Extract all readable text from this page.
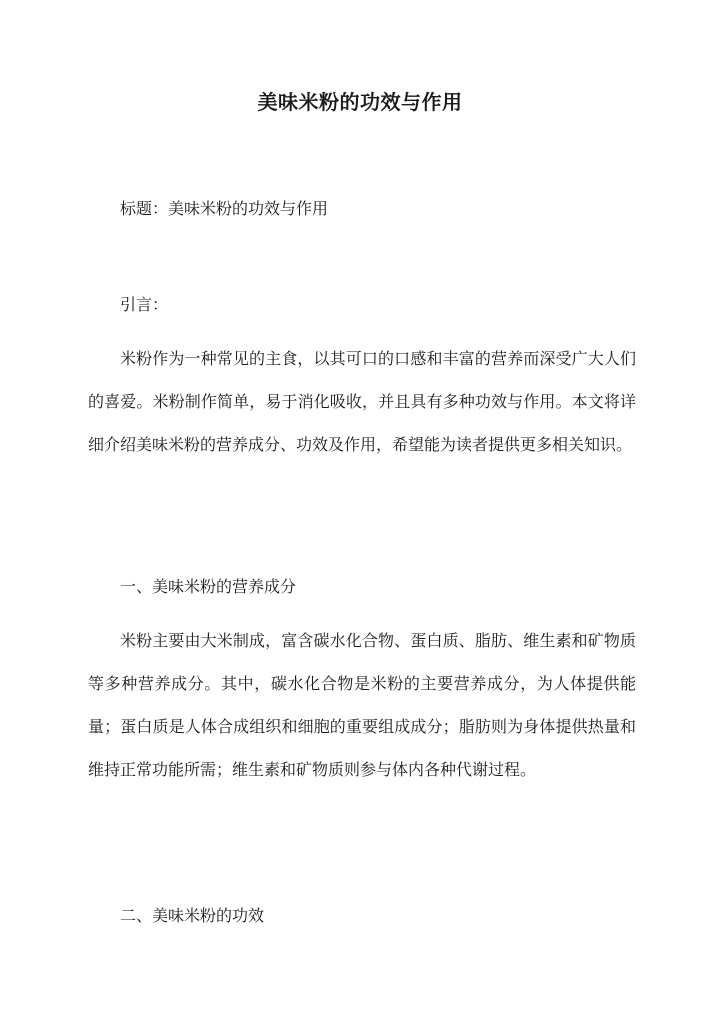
美味米粉的功效与作用

标题：美味米粉的功效与作用

引言：

米粉作为一种常见的主食，以其可口的口感和丰富的营养而深受广大人们的喜爱。米粉制作简单，易于消化吸收，并且具有多种功效与作用。本文将详细介绍美味米粉的营养成分、功效及作用，希望能为读者提供更多相关知识。

一、美味米粉的营养成分

米粉主要由大米制成，富含碳水化合物、蛋白质、脂肪、维生素和矿物质等多种营养成分。其中，碳水化合物是米粉的主要营养成分，为人体提供能量；蛋白质是人体合成组织和细胞的重要组成成分；脂肪则为身体提供热量和维持正常功能所需；维生素和矿物质则参与体内各种代谢过程。

二、美味米粉的功效
